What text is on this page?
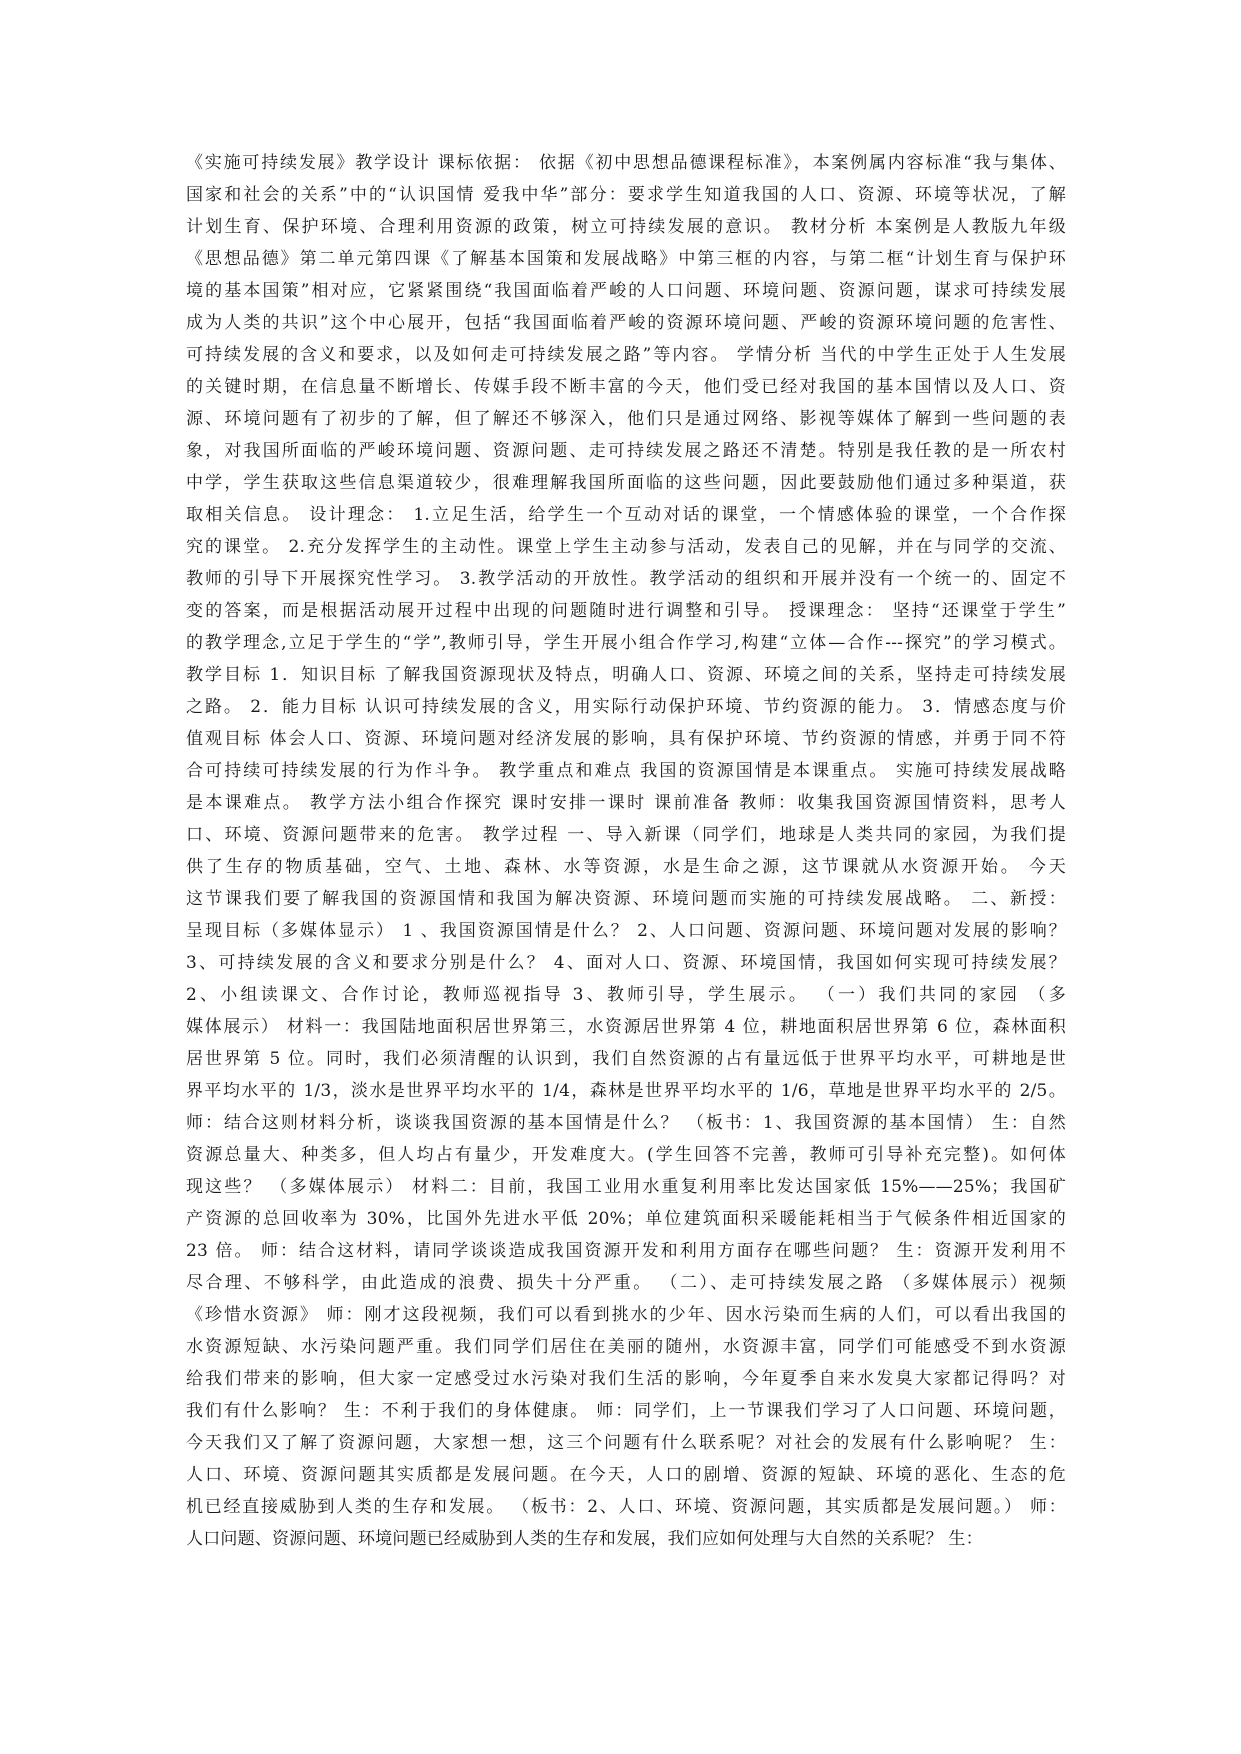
《实施可持续发展》教学设计 课标依据： 依据《初中思想品德课程标准》，本案例属内容标准“我与集体、
国家和社会的关系”中的“认识国情 爱我中华”部分：要求学生知道我国的人口、资源、环境等状况，了解
计划生育、保护环境、合理利用资源的政策，树立可持续发展的意识。 教材分析 本案例是人教版九年级
《思想品德》第二单元第四课《了解基本国策和发展战略》中第三框的内容，与第二框“计划生育与保护环
境的基本国策”相对应，它紧紧围绕“我国面临着严峻的人口问题、环境问题、资源问题，谋求可持续发展
成为人类的共识”这个中心展开，包括“我国面临着严峻的资源环境问题、严峻的资源环境问题的危害性、
可持续发展的含义和要求，以及如何走可持续发展之路”等内容。 学情分析 当代的中学生正处于人生发展
的关键时期，在信息量不断增长、传媒手段不断丰富的今天，他们受已经对我国的基本国情以及人口、资
源、环境问题有了初步的了解，但了解还不够深入，他们只是通过网络、影视等媒体了解到一些问题的表
象，对我国所面临的严峻环境问题、资源问题、走可持续发展之路还不清楚。特别是我任教的是一所农村
中学，学生获取这些信息渠道较少，很难理解我国所面临的这些问题，因此要鼓励他们通过多种渠道，获
取相关信息。 设计理念： 1.立足生活，给学生一个互动对话的课堂，一个情感体验的课堂，一个合作探
究的课堂。 2.充分发挥学生的主动性。课堂上学生主动参与活动，发表自己的见解，并在与同学的交流、
教师的引导下开展探究性学习。 3.教学活动的开放性。教学活动的组织和开展并没有一个统一的、固定不
变的答案，而是根据活动展开过程中出现的问题随时进行调整和引导。 授课理念： 坚持“还课堂于学生”
的教学理念,立足于学生的“学”,教师引导，学生开展小组合作学习,构建“立体—合作---探究”的学习模式。
教学目标 1．知识目标 了解我国资源现状及特点，明确人口、资源、环境之间的关系，坚持走可持续发展
之路。 2．能力目标 认识可持续发展的含义，用实际行动保护环境、节约资源的能力。 3．情感态度与价
值观目标 体会人口、资源、环境问题对经济发展的影响，具有保护环境、节约资源的情感，并勇于同不符
合可持续可持续发展的行为作斗争。 教学重点和难点 我国的资源国情是本课重点。 实施可持续发展战略
是本课难点。 教学方法小组合作探究 课时安排一课时 课前准备 教师：收集我国资源国情资料，思考人
口、环境、资源问题带来的危害。 教学过程 一、导入新课（同学们，地球是人类共同的家园，为我们提
供了生存的物质基础，空气、土地、森林、水等资源，水是生命之源，这节课就从水资源开始。 今天
这节课我们要了解我国的资源国情和我国为解决资源、环境问题而实施的可持续发展战略。 二、新授：
呈现目标（多媒体显示） 1 、我国资源国情是什么？ 2、人口问题、资源问题、环境问题对发展的影响？
3、可持续发展的含义和要求分别是什么？ 4、面对人口、资源、环境国情，我国如何实现可持续发展？
2、小组读课文、合作讨论，教师巡视指导 3、教师引导，学生展示。 （一）我们共同的家园 （多
媒体展示） 材料一：我国陆地面积居世界第三，水资源居世界第 4 位，耕地面积居世界第 6 位，森林面积
居世界第 5 位。同时，我们必须清醒的认识到，我们自然资源的占有量远低于世界平均水平，可耕地是世
界平均水平的 1/3，淡水是世界平均水平的 1/4，森林是世界平均水平的 1/6，草地是世界平均水平的 2/5。
师：结合这则材料分析，谈谈我国资源的基本国情是什么？ （板书：1、我国资源的基本国情） 生：自然
资源总量大、种类多，但人均占有量少，开发难度大。(学生回答不完善，教师可引导补充完整)。如何体
现这些？ （多媒体展示） 材料二：目前，我国工业用水重复利用率比发达国家低 15%——25%；我国矿
产资源的总回收率为 30%，比国外先进水平低 20%；单位建筑面积采暖能耗相当于气候条件相近国家的
23 倍。 师：结合这材料，请同学谈谈造成我国资源开发和利用方面存在哪些问题？ 生：资源开发利用不
尽合理、不够科学，由此造成的浪费、损失十分严重。 （二）、走可持续发展之路 （多媒体展示）视频
《珍惜水资源》 师：刚才这段视频，我们可以看到挑水的少年、因水污染而生病的人们，可以看出我国的
水资源短缺、水污染问题严重。我们同学们居住在美丽的随州，水资源丰富，同学们可能感受不到水资源
给我们带来的影响，但大家一定感受过水污染对我们生活的影响，今年夏季自来水发臭大家都记得吗？对
我们有什么影响？ 生：不利于我们的身体健康。 师：同学们，上一节课我们学习了人口问题、环境问题，
今天我们又了解了资源问题，大家想一想，这三个问题有什么联系呢？对社会的发展有什么影响呢？ 生：
人口、环境、资源问题其实质都是发展问题。在今天，人口的剧增、资源的短缺、环境的恶化、生态的危
机已经直接威胁到人类的生存和发展。 （板书：2、人口、环境、资源问题，其实质都是发展问题。） 师：
人口问题、资源问题、环境问题已经威胁到人类的生存和发展，我们应如何处理与大自然的关系呢？ 生：
